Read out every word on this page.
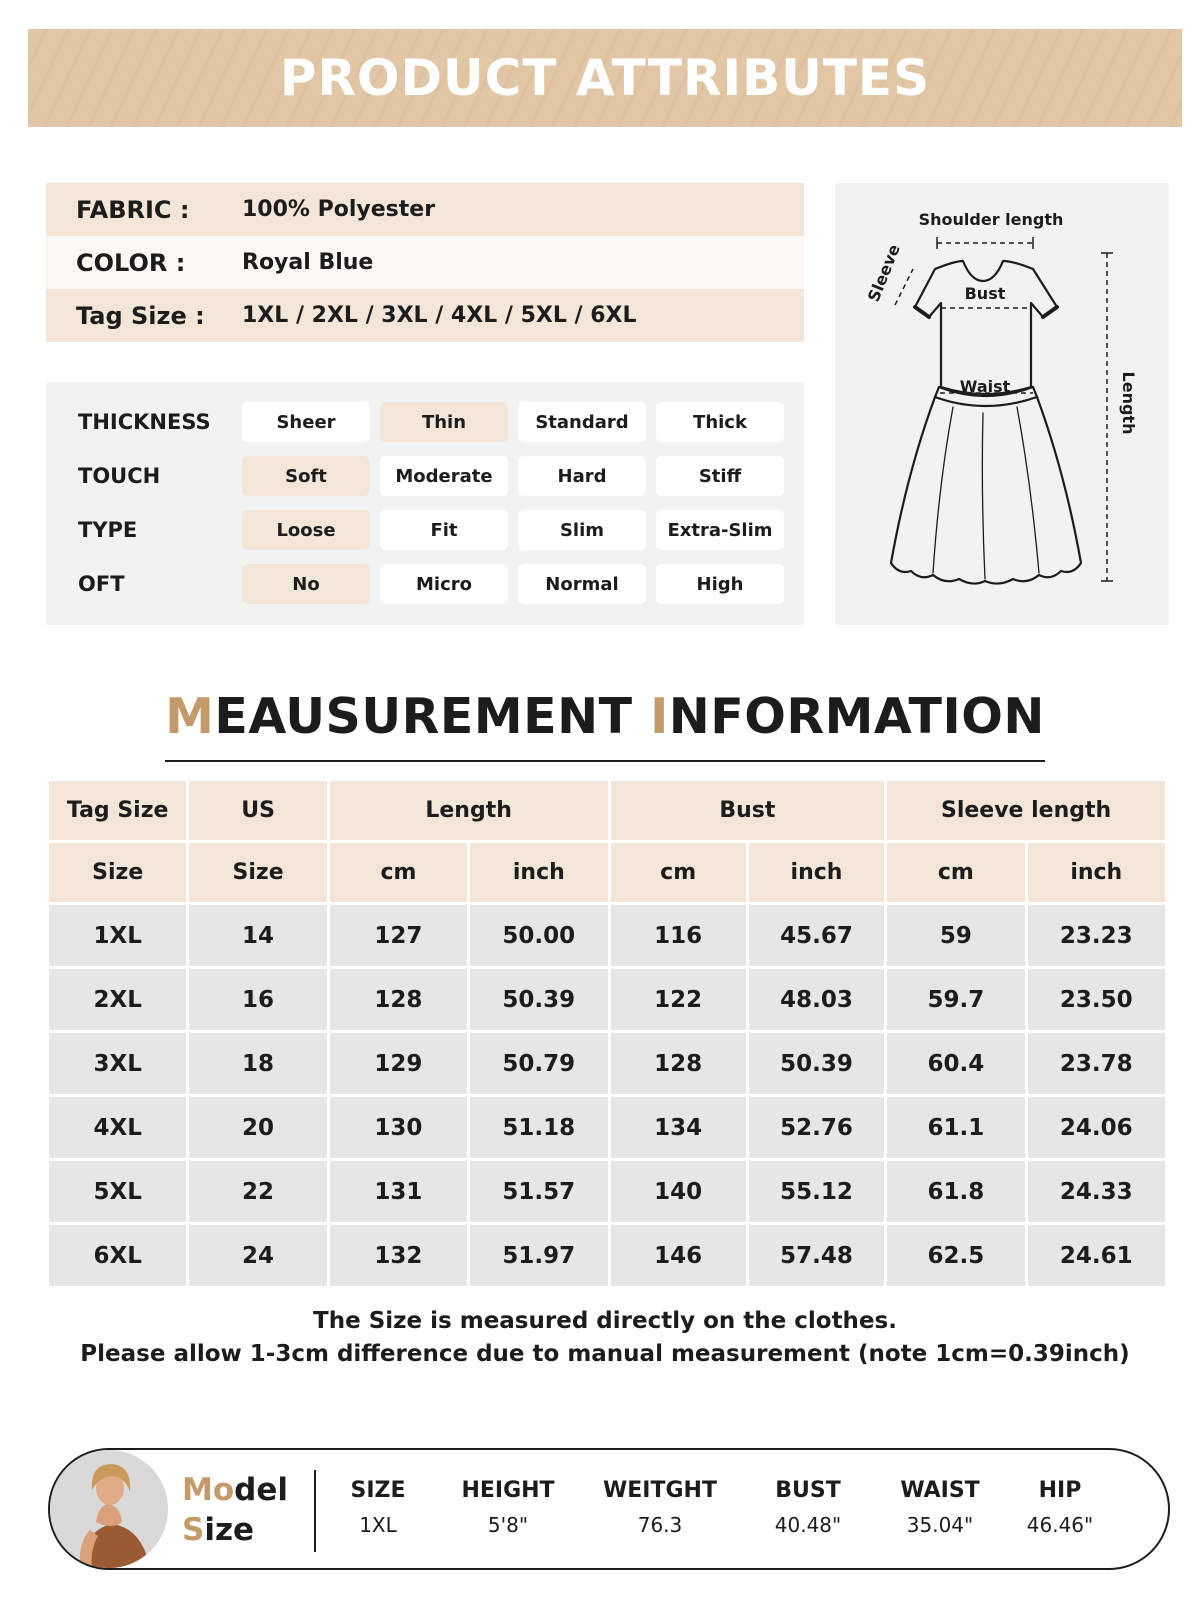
PRODUCT ATTRIBUTES
FABRIC :	100% Polyester
COLOR :	Royal Blue
Tag Size :	1XL / 2XL / 3XL / 4XL / 5XL / 6XL
THICKNESS	Sheer	Thin	Standard	Thick
TOUCH	Soft	Moderate	Hard	Stiff
TYPE	Loose	Fit	Slim	Extra-Slim
OFT	No	Micro	Normal	High
Shoulder length
Bust
Waist
Sleeve
Length
MEAUSUREMENT INFORMATION
Tag Size	US	Length		Bust		Sleeve length	
Size	Size	cm	inch	cm	inch	cm	inch
1XL	14	127	50.00	116	45.67	59	23.23
2XL	16	128	50.39	122	48.03	59.7	23.50
3XL	18	129	50.79	128	50.39	60.4	23.78
4XL	20	130	51.18	134	52.76	61.1	24.06
5XL	22	131	51.57	140	55.12	61.8	24.33
6XL	24	132	51.97	146	57.48	62.5	24.61
The Size is measured directly on the clothes.
Please allow 1-3cm difference due to manual measurement (note 1cm=0.39inch)
Model
Size
SIZE
1XL
HEIGHT
5'8"
WEITGHT
76.3
BUST
40.48"
WAIST
35.04"
HIP
46.46"
